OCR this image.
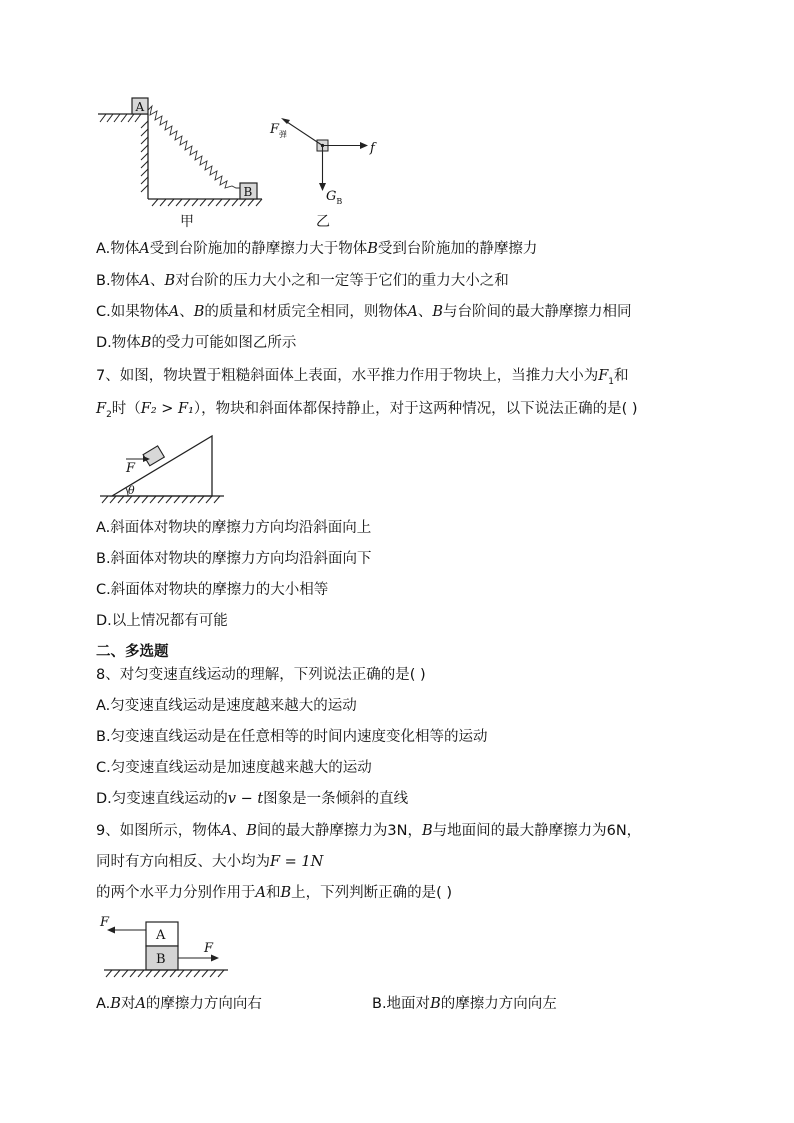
A
B
甲
$F_弹$
f
$G_B$
乙
F
θ
A
B
F
F
A.物体A受到台阶施加的静摩擦力大于物体B受到台阶施加的静摩擦力
B.物体A、B对台阶的压力大小之和一定等于它们的重力大小之和
C.如果物体A、B的质量和材质完全相同，则物体A、B与台阶间的最大静摩擦力相同
D.物体B的受力可能如图乙所示
7、如图，物块置于粗糙斜面体上表面，水平推力作用于物块上，当推力大小为$F_1$和
$F_2$时（F₂ > F₁），物块和斜面体都保持静止，对于这两种情况，以下说法正确的是( )
A.斜面体对物块的摩擦力方向均沿斜面向上
B.斜面体对物块的摩擦力方向均沿斜面向下
C.斜面体对物块的摩擦力的大小相等
D.以上情况都有可能
二、多选题
8、对匀变速直线运动的理解，下列说法正确的是( )
A.匀变速直线运动是速度越来越大的运动
B.匀变速直线运动是在任意相等的时间内速度变化相等的运动
C.匀变速直线运动是加速度越来越大的运动
D.匀变速直线运动的v − t图象是一条倾斜的直线
9、如图所示，物体A、B间的最大静摩擦力为3N，B与地面间的最大静摩擦力为6N，
同时有方向相反、大小均为F = 1N
的两个水平力分别作用于A和B上，下列判断正确的是( )
A.B对A的摩擦力方向向右	B.地面对B的摩擦力方向向左
